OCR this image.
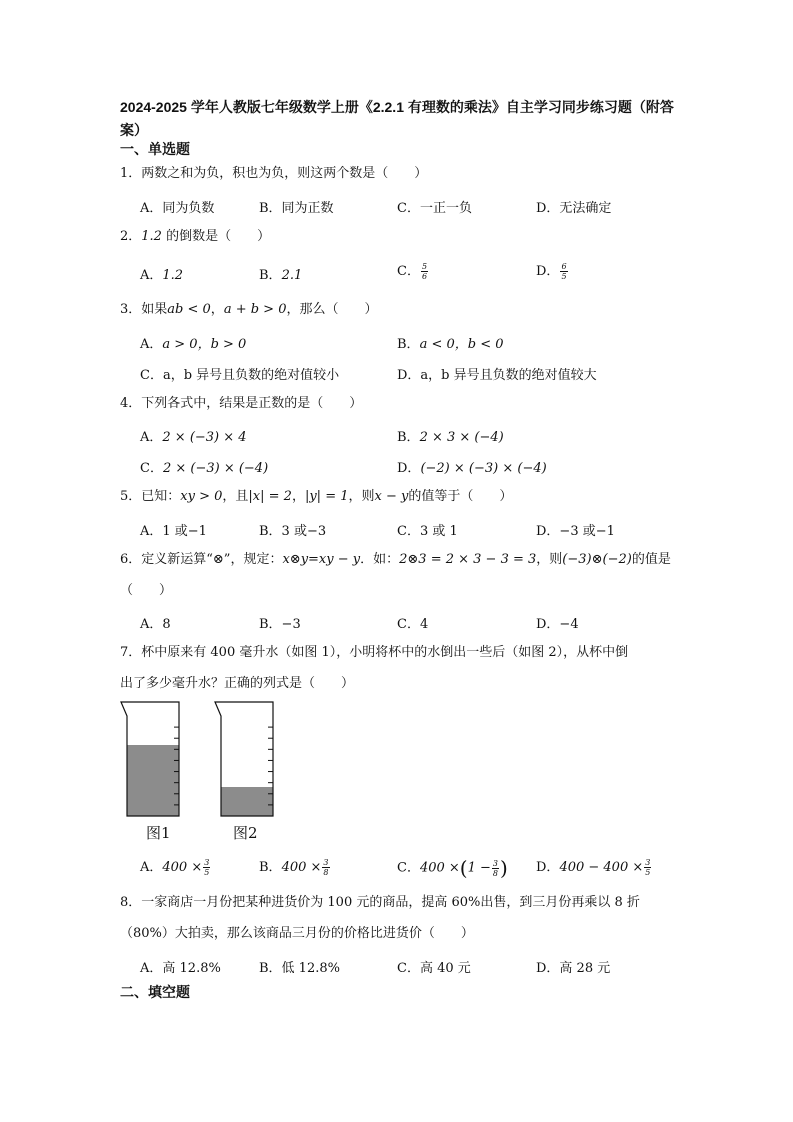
2024-2025 学年人教版七年级数学上册《2.2.1 有理数的乘法》自主学习同步练习题（附答案）
一、单选题
1．两数之和为负，积也为负，则这两个数是（　　）
A．同为负数	B．同为正数	C．一正一负	D．无法确定
2．1.2 的倒数是（　　）
A．1.2	B．2.1	C． $\frac{5}{6}$	D． $\frac{6}{5}$
3．如果ab < 0，a + b > 0，那么（　　）
A．a > 0，b > 0	B．a < 0，b < 0
C．a，b 异号且负数的绝对值较小	D．a，b 异号且负数的绝对值较大
4．下列各式中，结果是正数的是（　　）
A．2 × (−3) × 4	B．2 × 3 × (−4)
C．2 × (−3) × (−4)	D．(−2) × (−3) × (−4)
5．已知：xy > 0，且|x| = 2，|y| = 1，则x − y的值等于（　　）
A．1 或−1	B．3 或−3	C．3 或 1	D．−3 或−1
6．定义新运算“⊗”，规定：x⊗y=xy − y．如：2⊗3 = 2 × 3 − 3 = 3，则(−3)⊗(−2)的值是
（　　）
A．8	B．−3	C．4	D．−4
7．杯中原来有 400 毫升水（如图 1），小明将杯中的水倒出一些后（如图 2），从杯中倒
出了多少毫升水？正确的列式是（　　）
图1	图2
A．$400 \times \frac{3}{5}$	B．$400 \times \frac{3}{8}$	C．$400 \times(1 - \frac{3}{8}$ ) D．$400 - 400 \times \frac{3}{5}$
8．一家商店一月份把某种进货价为 100 元的商品，提高 60%出售，到三月份再乘以 8 折
（80%）大拍卖，那么该商品三月份的价格比进货价（　　）
A．高 12.8%	B．低 12.8%	C．高 40 元	D．高 28 元
二、填空题
